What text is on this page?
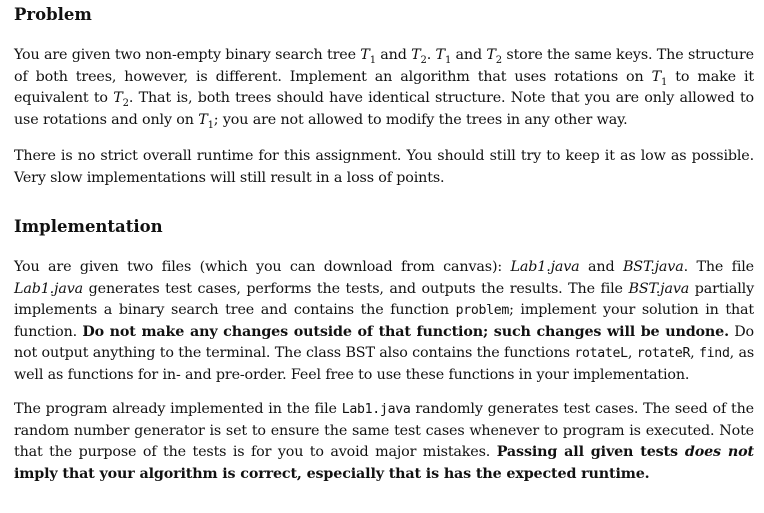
Problem

You are given two non-empty binary search tree $T_1$ and $T_2$. $T_1$ and $T_2$ store the same keys. The structure of both trees, however, is different. Implement an algorithm that uses rotations on $T_1$ to make it equivalent to $T_2$. That is, both trees should have identical structure. Note that you are only allowed to use rotations and only on $T_1$; you are not allowed to modify the trees in any other way.

There is no strict overall runtime for this assignment. You should still try to keep it as low as possible. Very slow implementations will still result in a loss of points.

Implementation

You are given two files (which you can download from canvas): Lab1.java and BST.java. The file Lab1.java generates test cases, performs the tests, and outputs the results. The file BST.java partially implements a binary search tree and contains the function problem; implement your solution in that function. Do not make any changes outside of that function; such changes will be undone. Do not output anything to the terminal. The class BST also contains the functions rotateL, rotateR, find, as well as functions for in- and pre-order. Feel free to use these functions in your implementation.

The program already implemented in the file Lab1.java randomly generates test cases. The seed of the random number generator is set to ensure the same test cases whenever to program is executed. Note that the purpose of the tests is for you to avoid major mistakes. Passing all given tests does not imply that your algorithm is correct, especially that is has the expected runtime.
